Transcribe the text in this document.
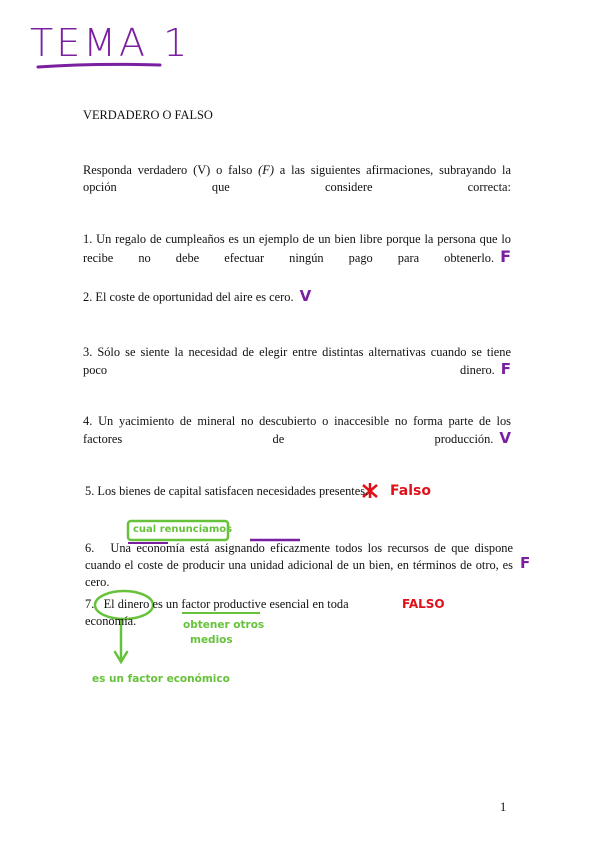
TEMA 1
VERDADERO O FALSO
Responda verdadero (V) o falso (F) a las siguientes afirmaciones, subrayando la opción que considere correcta:
1. Un regalo de cumpleaños es un ejemplo de un bien libre porque la persona que lo recibe no debe efectuar ningún pago para obtenerlo. F
2. El coste de oportunidad del aire es cero. V
3. Sólo se siente la necesidad de elegir entre distintas alternativas cuando se tiene poco dinero. F
4. Un yacimiento de mineral no descubierto o inaccesible no forma parte de los factores de producción. V
5. Los bienes de capital satisfacen necesidades presentes.	Falso
cual renunciamos
6. Una economía está asignando eficazmente todos los recursos de que dispone cuando el coste de producir una unidad adicional de un bien, en términos de otro, es cero.
F
7. El dinero es un factor productive esencial en toda economía.
FALSO
obtener otros
medios
es un factor económico
1
